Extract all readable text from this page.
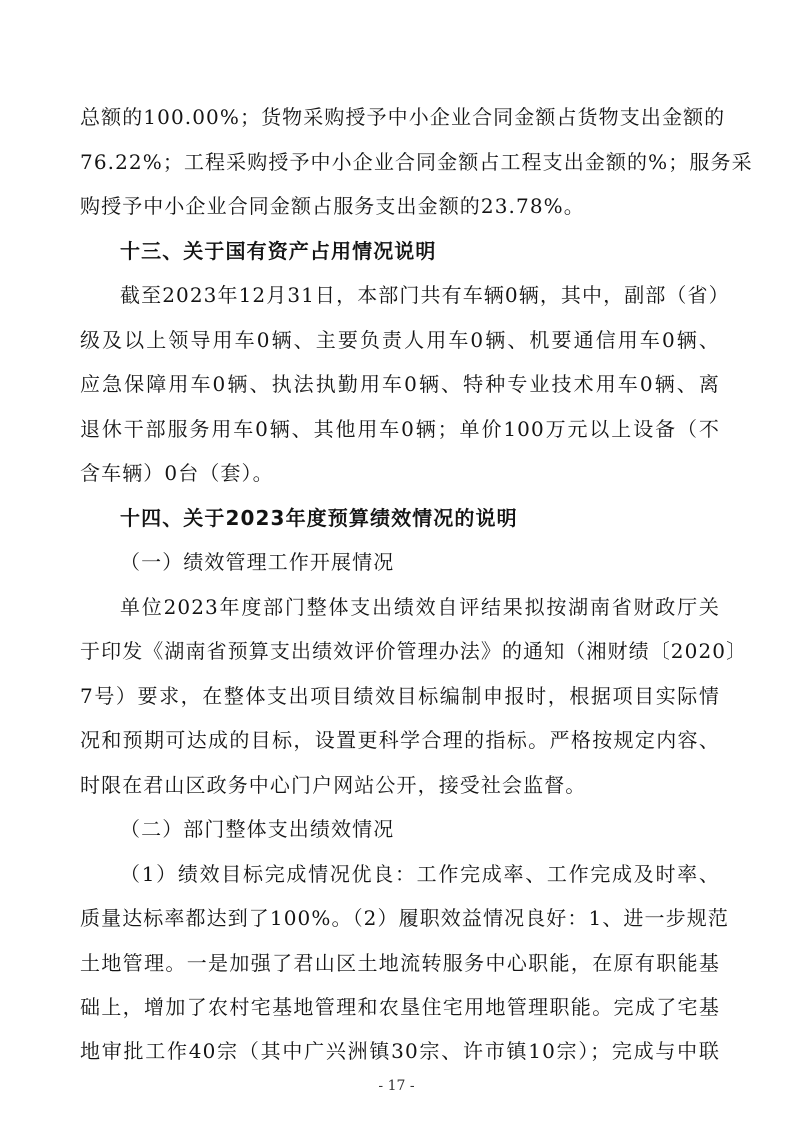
总额的100.00%；货物采购授予中小企业合同金额占货物支出金额的
76.22%；工程采购授予中小企业合同金额占工程支出金额的%；服务采
购授予中小企业合同金额占服务支出金额的23.78%。
十三、关于国有资产占用情况说明
截至2023年12月31日，本部门共有车辆0辆，其中，副部（省）
级及以上领导用车0辆、主要负责人用车0辆、机要通信用车0辆、
应急保障用车0辆、执法执勤用车0辆、特种专业技术用车0辆、离
退休干部服务用车0辆、其他用车0辆；单价100万元以上设备（不
含车辆）0台（套）。
十四、关于2023年度预算绩效情况的说明
（一）绩效管理工作开展情况
单位2023年度部门整体支出绩效自评结果拟按湖南省财政厅关
于印发《湖南省预算支出绩效评价管理办法》的通知（湘财绩〔2020〕
7号）要求，在整体支出项目绩效目标编制申报时，根据项目实际情
况和预期可达成的目标，设置更科学合理的指标。严格按规定内容、
时限在君山区政务中心门户网站公开，接受社会监督。
（二）部门整体支出绩效情况
（1）绩效目标完成情况优良：工作完成率、工作完成及时率、
质量达标率都达到了100%。（2）履职效益情况良好：1、进一步规范
土地管理。一是加强了君山区土地流转服务中心职能，在原有职能基
础上，增加了农村宅基地管理和农垦住宅用地管理职能。完成了宅基
- 17 -
地审批工作40宗（其中广兴洲镇30宗、许市镇10宗）；完成与中联
